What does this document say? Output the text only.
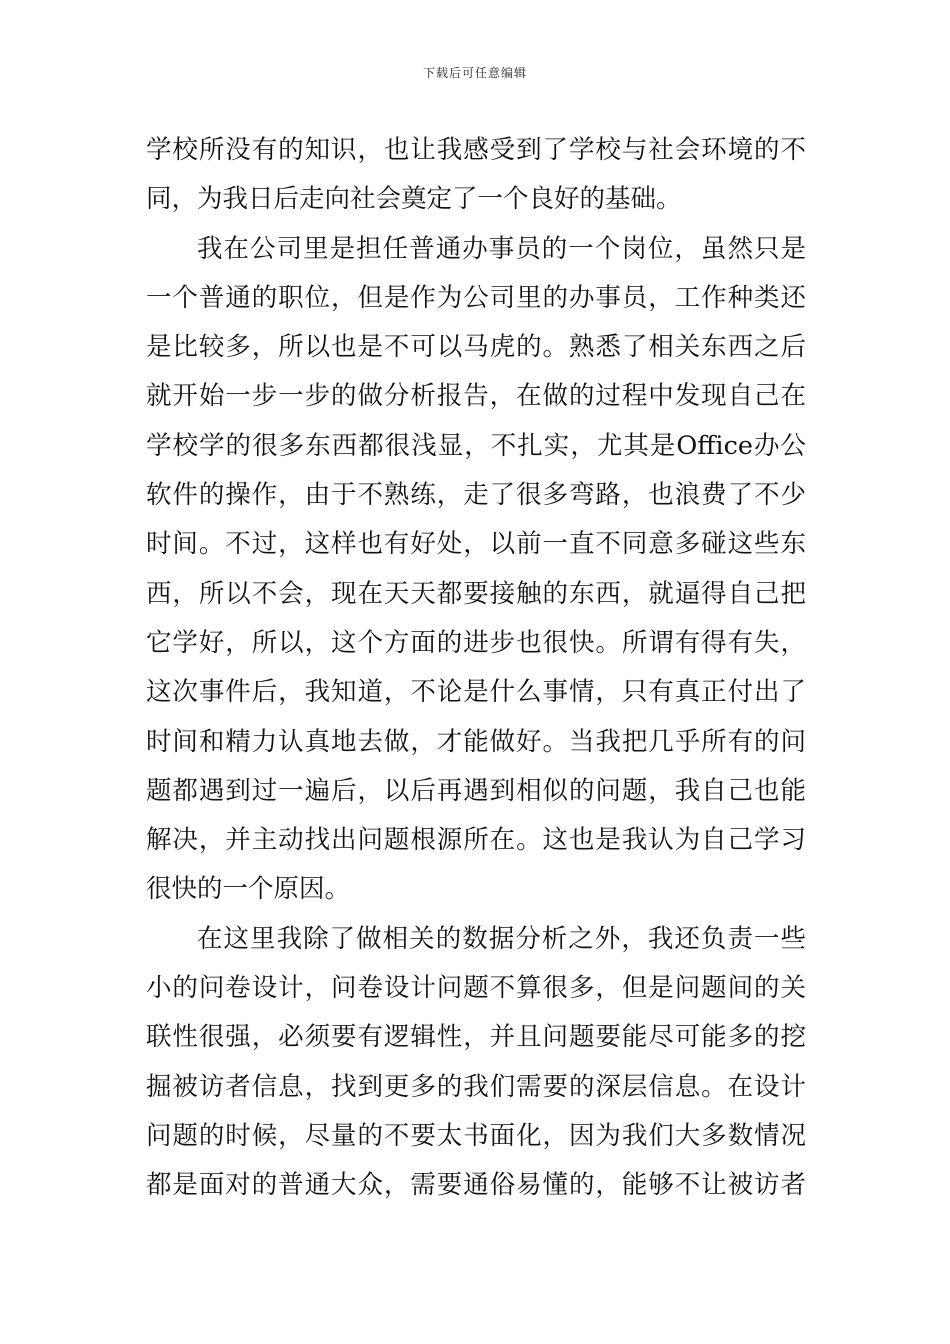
下载后可任意编辑
学校所没有的知识，也让我感受到了学校与社会环境的不
同，为我日后走向社会奠定了一个良好的基础。
我在公司里是担任普通办事员的一个岗位，虽然只是
一个普通的职位，但是作为公司里的办事员，工作种类还
是比较多，所以也是不可以马虎的。熟悉了相关东西之后
就开始一步一步的做分析报告，在做的过程中发现自己在
学校学的很多东西都很浅显，不扎实，尤其是Office办公
软件的操作，由于不熟练，走了很多弯路，也浪费了不少
时间。不过，这样也有好处，以前一直不同意多碰这些东
西，所以不会，现在天天都要接触的东西，就逼得自己把
它学好，所以，这个方面的进步也很快。所谓有得有失，
这次事件后，我知道，不论是什么事情，只有真正付出了
时间和精力认真地去做，才能做好。当我把几乎所有的问
题都遇到过一遍后，以后再遇到相似的问题，我自己也能
解决，并主动找出问题根源所在。这也是我认为自己学习
很快的一个原因。
在这里我除了做相关的数据分析之外，我还负责一些
小的问卷设计，问卷设计问题不算很多，但是问题间的关
联性很强，必须要有逻辑性，并且问题要能尽可能多的挖
掘被访者信息，找到更多的我们需要的深层信息。在设计
问题的时候，尽量的不要太书面化，因为我们大多数情况
都是面对的普通大众，需要通俗易懂的，能够不让被访者
